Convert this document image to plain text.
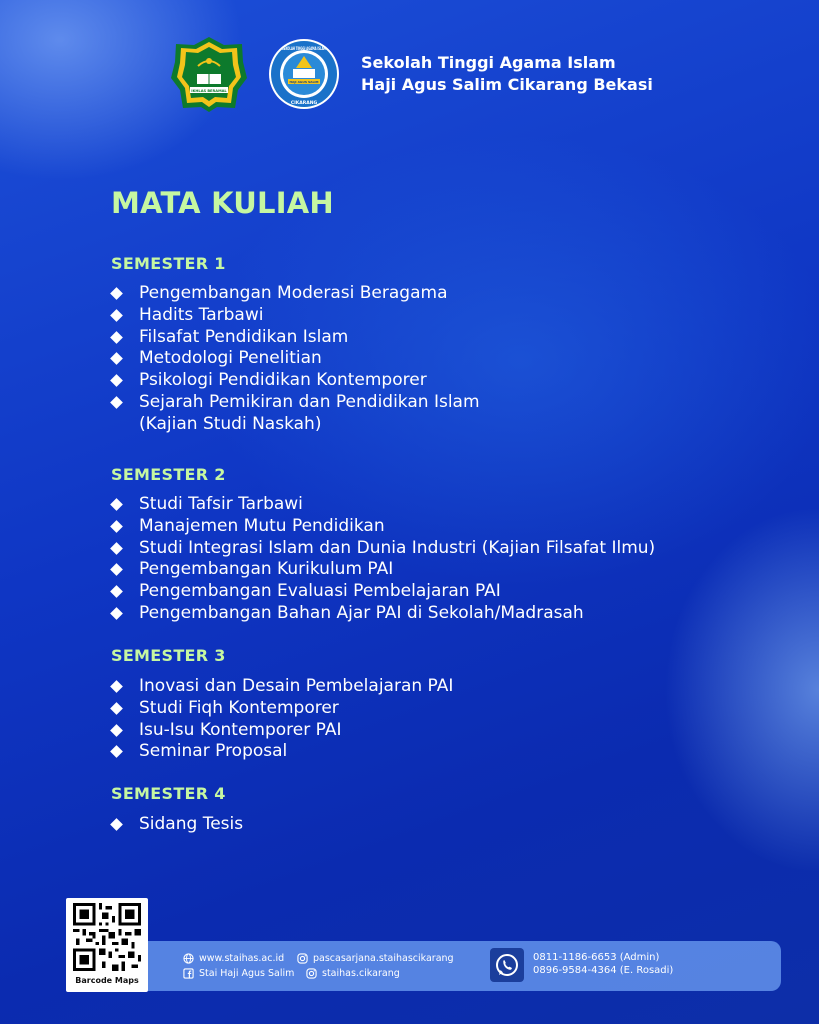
IKHLAS BERAMAL
HAJI AGUS SALIM
SEKOLAH TINGGI AGAMA ISLAM
CIKARANG
Sekolah Tinggi Agama Islam
Haji Agus Salim Cikarang Bekasi
MATA KULIAH
SEMESTER 1
Pengembangan Moderasi Beragama
Hadits Tarbawi
Filsafat Pendidikan Islam
Metodologi Penelitian
Psikologi Pendidikan Kontemporer
Sejarah Pemikiran dan Pendidikan Islam
(Kajian Studi Naskah)
SEMESTER 2
Studi Tafsir Tarbawi
Manajemen Mutu Pendidikan
Studi Integrasi Islam dan Dunia Industri (Kajian Filsafat Ilmu)
Pengembangan Kurikulum PAI
Pengembangan Evaluasi Pembelajaran PAI
Pengembangan Bahan Ajar PAI di Sekolah/Madrasah
SEMESTER 3
Inovasi dan Desain Pembelajaran PAI
Studi Fiqh Kontemporer
Isu-Isu Kontemporer PAI
Seminar Proposal
SEMESTER 4
Sidang Tesis
Barcode Maps
www.staihas.ac.id	pascasarjana.staihascikarang
Stai Haji Agus Salim	staihas.cikarang
0811-1186-6653 (Admin)
0896-9584-4364 (E. Rosadi)
